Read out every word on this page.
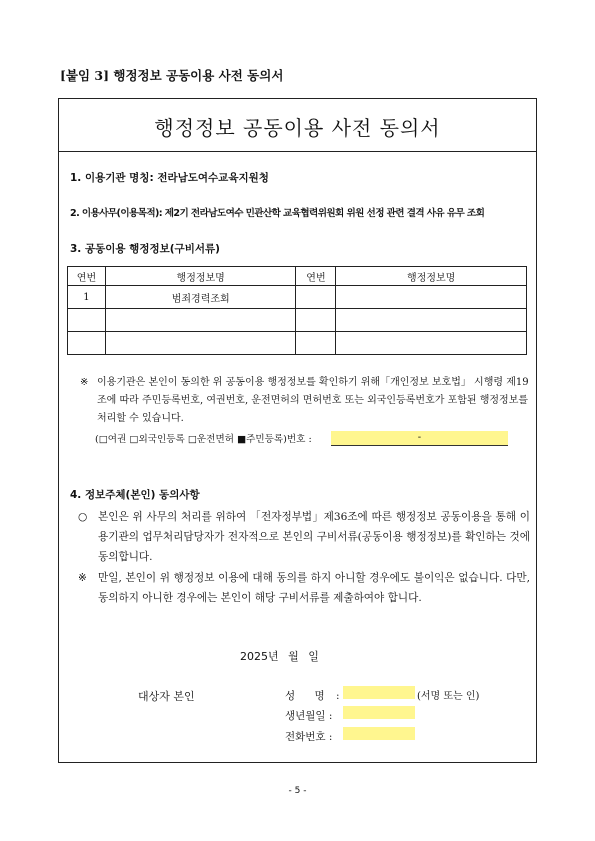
[붙임 3] 행정정보 공동이용 사전 동의서
행정정보 공동이용 사전 동의서
1. 이용기관 명칭: 전라남도여수교육지원청
2. 이용사무(이용목적): 제2기 전라남도여수 민관산학 교육협력위원회 위원 선정 관련 결격 사유 유무 조회
3. 공동이용 행정정보(구비서류)
연번	행정정보명	연번	행정정보명
1	범죄경력조회		

※ 이용기관은 본인이 동의한 위 공동이용 행정정보를 확인하기 위해「개인정보 보호법」 시행령 제19조에 따라 주민등록번호, 여권번호, 운전면허의 면허번호 또는 외국인등록번호가 포함된 행정정보를 처리할 수 있습니다.
(□여권 □외국인등록 □운전면허 ■주민등록)번호 :	-
4. 정보주체(본인) 동의사항
○ 본인은 위 사무의 처리를 위하여 「전자정부법」제36조에 따른 행정정보 공동이용을 통해 이용기관의 업무처리담당자가 전자적으로 본인의 구비서류(공동이용 행정정보)를 확인하는 것에 동의합니다.
※ 만일, 본인이 위 행정정보 이용에 대해 동의를 하지 아니할 경우에도 불이익은 없습니다. 다만, 동의하지 아니한 경우에는 본인이 해당 구비서류를 제출하여야 합니다.
2025년 월 일
대상자 본인	성 명 :	(서명 또는 인)
생년월일 :
전화번호 :
- 5 -
